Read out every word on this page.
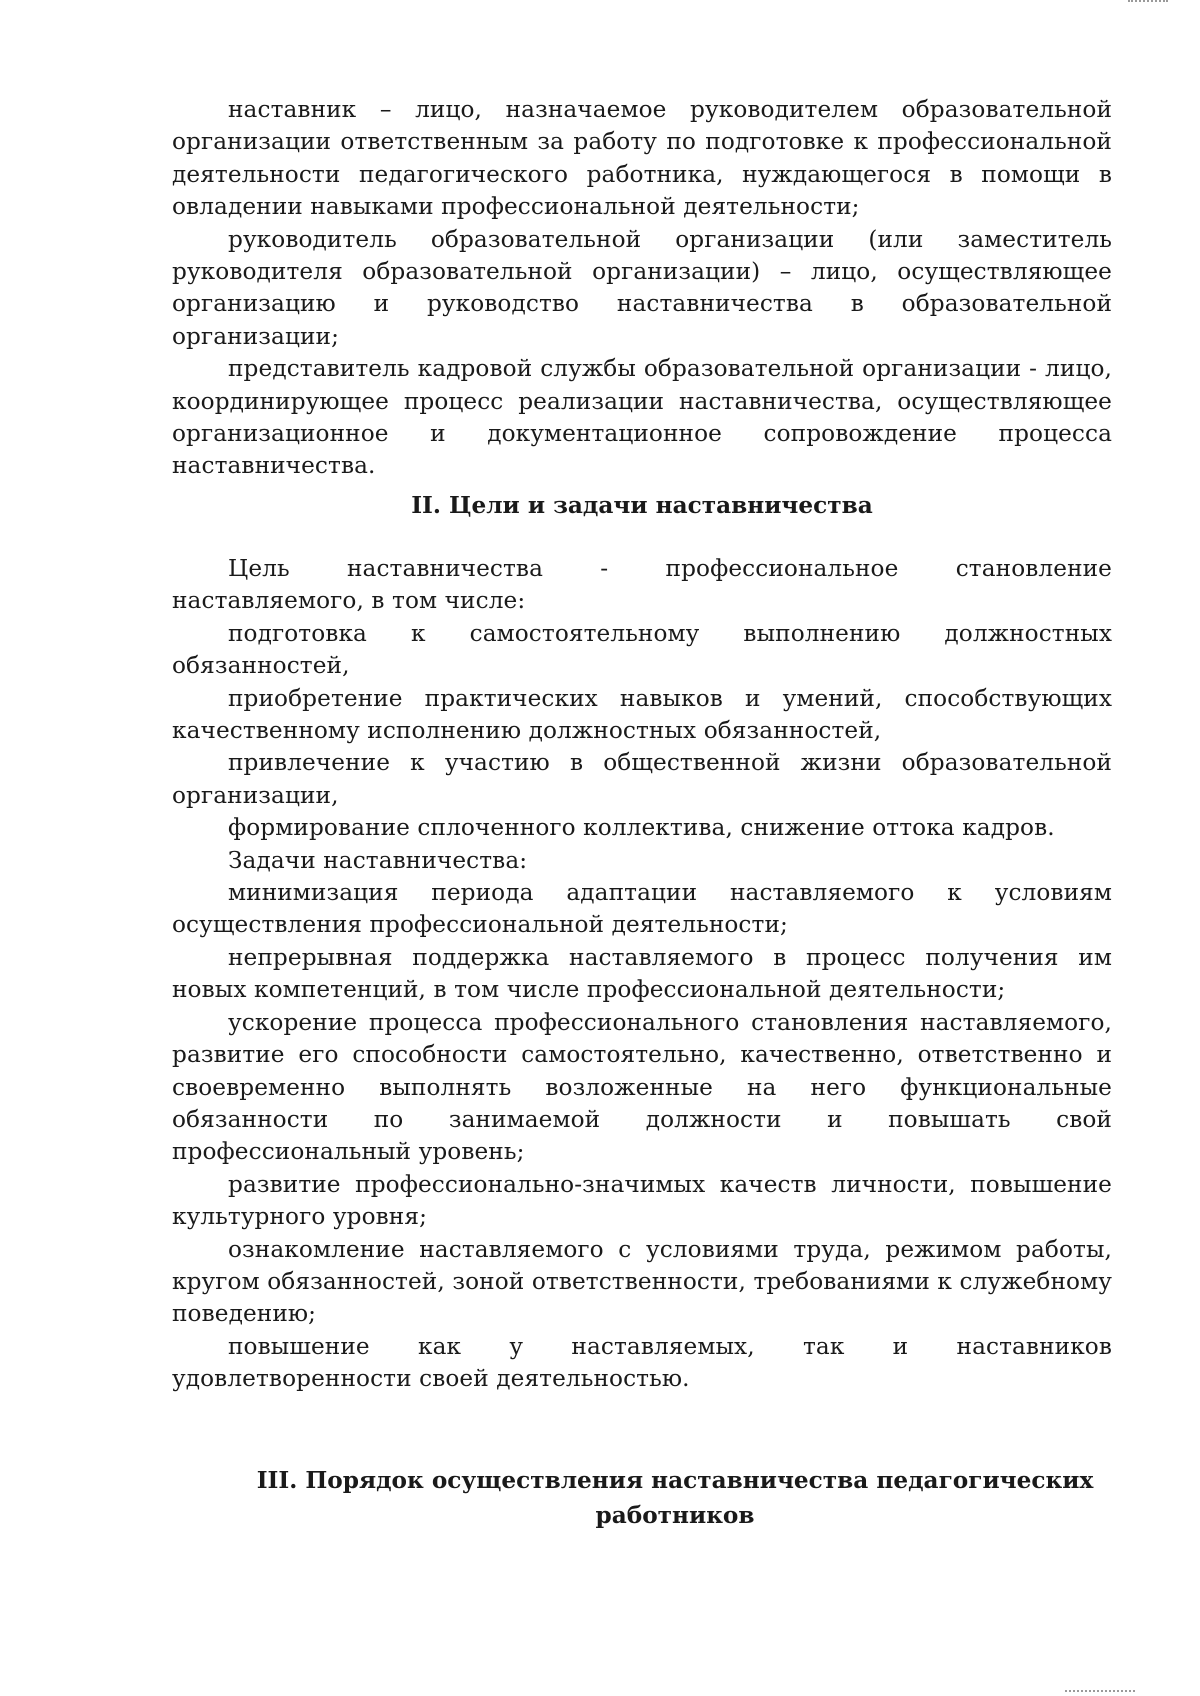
наставник – лицо, назначаемое руководителем образовательной организации ответственным за работу по подготовке к профессиональной деятельности педагогического работника, нуждающегося в помощи в овладении навыками профессиональной деятельности;

руководитель образовательной организации (или заместитель руководителя образовательной организации) – лицо, осуществляющее организацию и руководство наставничества в образовательной организации;

представитель кадровой службы образовательной организации - лицо, координирующее процесс реализации наставничества, осуществляющее организационное и документационное сопровождение процесса наставничества.

II. Цели и задачи наставничества

Цель наставничества - профессиональное становление наставляемого, в том числе:

подготовка к самостоятельному выполнению должностных обязанностей,

приобретение практических навыков и умений, способствующих качественному исполнению должностных обязанностей,

привлечение к участию в общественной жизни образовательной организации,

формирование сплоченного коллектива, снижение оттока кадров.

Задачи наставничества:

минимизация периода адаптации наставляемого к условиям осуществления профессиональной деятельности;

непрерывная поддержка наставляемого в процесс получения им новых компетенций, в том числе профессиональной деятельности;

ускорение процесса профессионального становления наставляемого, развитие его способности самостоятельно, качественно, ответственно и своевременно выполнять возложенные на него функциональные обязанности по занимаемой должности и повышать свой профессиональный уровень;

развитие профессионально-значимых качеств личности, повышение культурного уровня;

ознакомление наставляемого с условиями труда, режимом работы, кругом обязанностей, зоной ответственности, требованиями к служебному поведению;

повышение как у наставляемых, так и наставников удовлетворенности своей деятельностью.

III. Порядок осуществления наставничества педагогических работников
